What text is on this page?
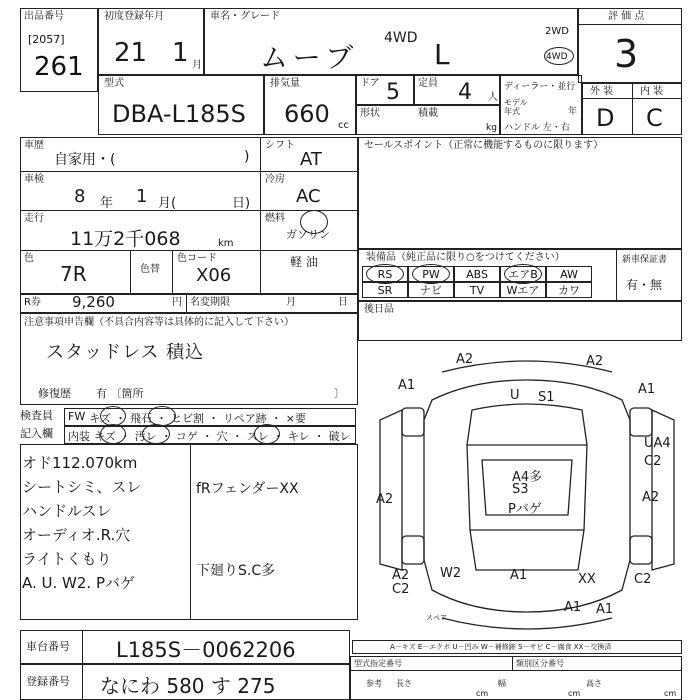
出品番号
[2057]
261
初度登録年月
21 1 月
車名・グレード
ムーブ
4WD L
2WD
4WD
評 価 点
3
型式
DBA-L185S
排気量
660 cc
ドア 5 定員 4 人
形状	積載
kg
ディーラー・並行
モデル年式	年
ハンドル 左・右
外 装	内 装
D C
車歴
自家用・(	)
シフト
AT
車検
8 年 1 月(	日)
冷房
AC
走行
11万2千068	km
燃料
ガソリン
軽 油
色
7R	色替
色コード
X06
R券 9,260	円 名変期限	月	日
注意事項申告欄（不具合内容等は具体的に記入して下さい）
スタッドレス 積込
修復歴 有 〔箇所	〕
検査員
記入欄
FW キズ ・ 飛石 ・ ヒビ割 ・ リペア跡 ・ ×要
内装 キズ ・ 汚レ ・ コゲ ・ 穴 ・ スレ ・ キレ ・ 破レ
オド112.070km
シートシミ、スレ
ハンドルスレ
オーディオ.R.穴
ライトくもり
A. U. W2. Pバゲ
fRフェンダーXX
下廻りS.C多
セールスポイント（正常に機能するものに限ります）
装備品（純正品に限り○をつけてください）
RS	PW	ABS	エアB	AW
SR	ナビ	TV	Wエア	カワ
新車保証書
有・無
後日品
A2	A2
A1	A1
U S1
UA4
C2
A4多
S3
Pバゲ
A2	A2
A2
C2
W2	A1	XX	C2
A1
A1
スペア
A－キズ E－エクボ U－凹み W－補修跡 S－サビ C－腐食 XX－交換済
車台番号 L185S－0062206
登録番号 なにわ 580 す 275
型式指定番号	類別区分番号
参考 長さ
cm
幅
cm
高さ
cm
